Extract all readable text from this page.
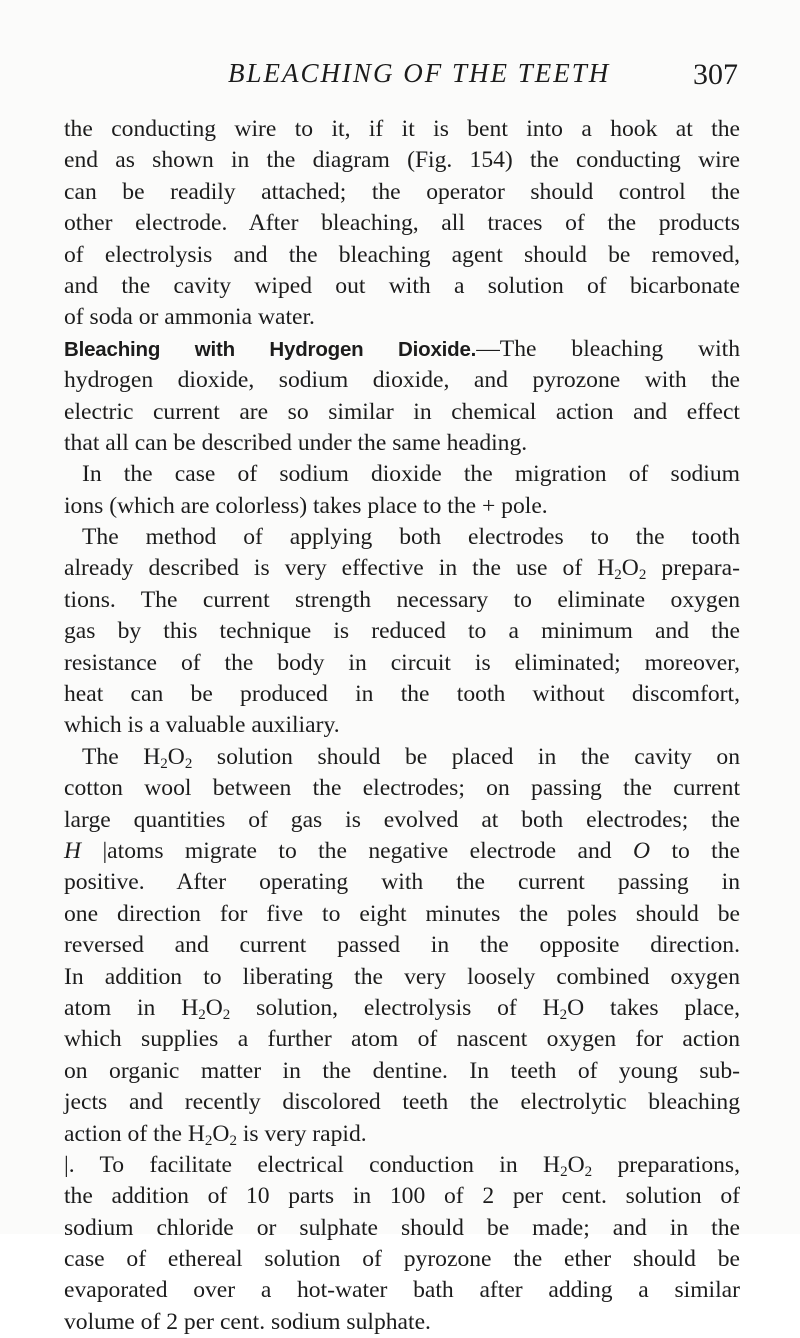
BLEACHING OF THE TEETH	307
the conducting wire to it, if it is bent into a hook at the
end as shown in the diagram (Fig. 154) the conducting wire
can be readily attached; the operator should control the
other electrode. After bleaching, all traces of the products
of electrolysis and the bleaching agent should be removed,
and the cavity wiped out with a solution of bicarbonate
of soda or ammonia water.
Bleaching with Hydrogen Dioxide.—The bleaching with
hydrogen dioxide, sodium dioxide, and pyrozone with the
electric current are so similar in chemical action and effect
that all can be described under the same heading.
In the case of sodium dioxide the migration of sodium
ions (which are colorless) takes place to the + pole.
The method of applying both electrodes to the tooth
already described is very effective in the use of $H_2O_2$ prepara-
tions. The current strength necessary to eliminate oxygen
gas by this technique is reduced to a minimum and the
resistance of the body in circuit is eliminated; moreover,
heat can be produced in the tooth without discomfort,
which is a valuable auxiliary.
The $H_2O_2$ solution should be placed in the cavity on
cotton wool between the electrodes; on passing the current
large quantities of gas is evolved at both electrodes; the
H |atoms migrate to the negative electrode and O to the
positive. After operating with the current passing in
one direction for five to eight minutes the poles should be
reversed and current passed in the opposite direction.
In addition to liberating the very loosely combined oxygen
atom in $H_2O_2$ solution, electrolysis of $H_2O$ takes place,
which supplies a further atom of nascent oxygen for action
on organic matter in the dentine. In teeth of young sub-
jects and recently discolored teeth the electrolytic bleaching
action of the $H_2O_2$ is very rapid.
|. To facilitate electrical conduction in $H_2O_2$ preparations,
the addition of 10 parts in 100 of 2 per cent. solution of
sodium chloride or sulphate should be made; and in the
case of ethereal solution of pyrozone the ether should be
evaporated over a hot-water bath after adding a similar
volume of 2 per cent. sodium sulphate.
